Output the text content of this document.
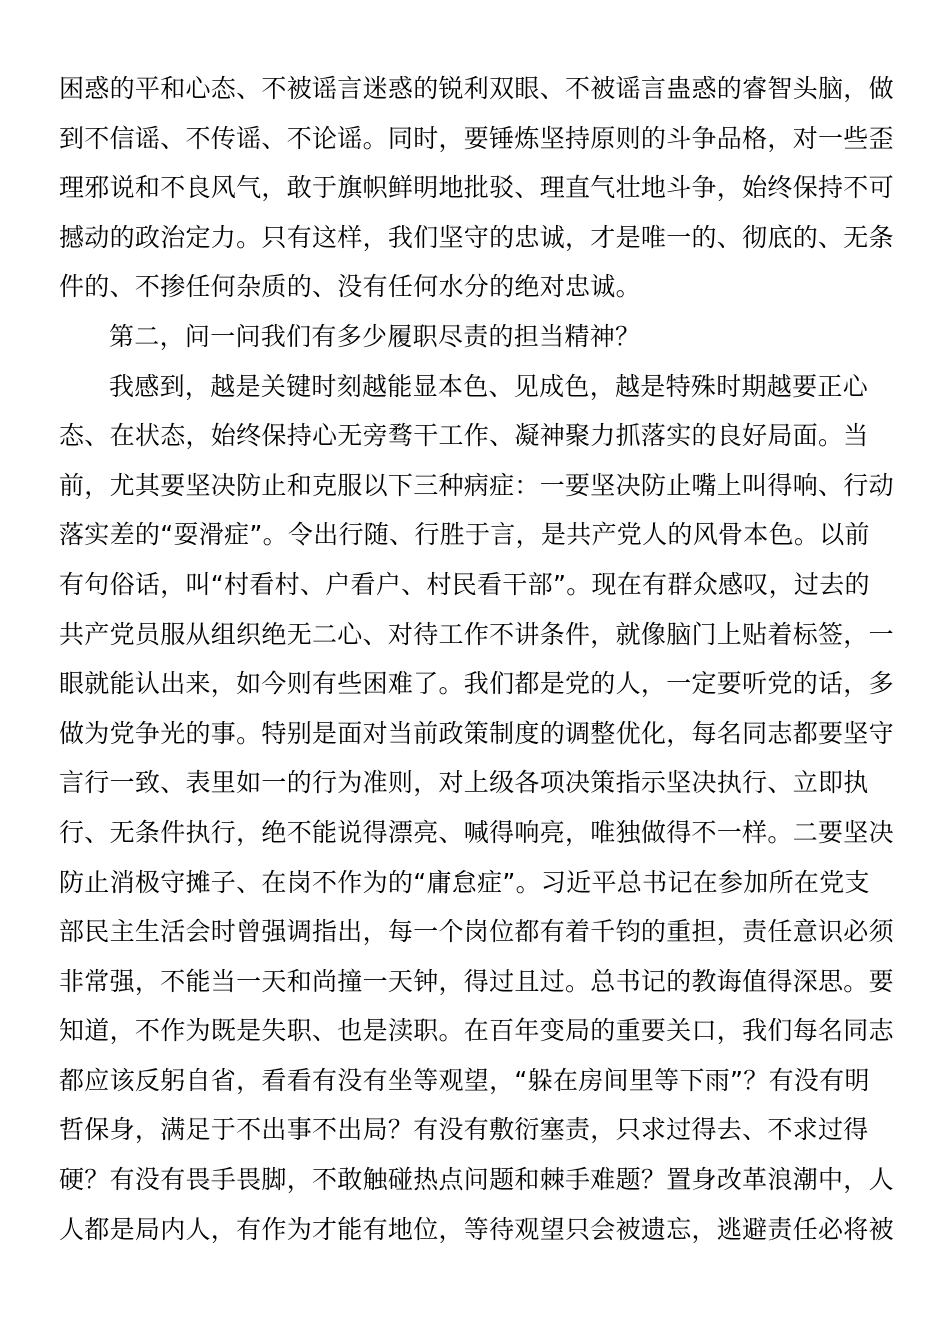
困惑的平和心态、不被谣言迷惑的锐利双眼、不被谣言蛊惑的睿智头脑，做
到不信谣、不传谣、不论谣。同时，要锤炼坚持原则的斗争品格，对一些歪
理邪说和不良风气，敢于旗帜鲜明地批驳、理直气壮地斗争，始终保持不可
撼动的政治定力。只有这样，我们坚守的忠诚，才是唯一的、彻底的、无条
件的、不掺任何杂质的、没有任何水分的绝对忠诚。
第二，问一问我们有多少履职尽责的担当精神？
我感到，越是关键时刻越能显本色、见成色，越是特殊时期越要正心
态、在状态，始终保持心无旁骛干工作、凝神聚力抓落实的良好局面。当
前，尤其要坚决防止和克服以下三种病症：一要坚决防止嘴上叫得响、行动
落实差的“耍滑症”。令出行随、行胜于言，是共产党人的风骨本色。以前
有句俗话，叫“村看村、户看户、村民看干部”。现在有群众感叹，过去的
共产党员服从组织绝无二心、对待工作不讲条件，就像脑门上贴着标签，一
眼就能认出来，如今则有些困难了。我们都是党的人，一定要听党的话，多
做为党争光的事。特别是面对当前政策制度的调整优化，每名同志都要坚守
言行一致、表里如一的行为准则，对上级各项决策指示坚决执行、立即执
行、无条件执行，绝不能说得漂亮、喊得响亮，唯独做得不一样。二要坚决
防止消极守摊子、在岗不作为的“庸怠症”。习近平总书记在参加所在党支
部民主生活会时曾强调指出，每一个岗位都有着千钧的重担，责任意识必须
非常强，不能当一天和尚撞一天钟，得过且过。总书记的教诲值得深思。要
知道，不作为既是失职、也是渎职。在百年变局的重要关口，我们每名同志
都应该反躬自省，看看有没有坐等观望，“躲在房间里等下雨”？有没有明
哲保身，满足于不出事不出局？有没有敷衍塞责，只求过得去、不求过得
硬？有没有畏手畏脚，不敢触碰热点问题和棘手难题？置身改革浪潮中，人
人都是局内人，有作为才能有地位，等待观望只会被遗忘，逃避责任必将被
